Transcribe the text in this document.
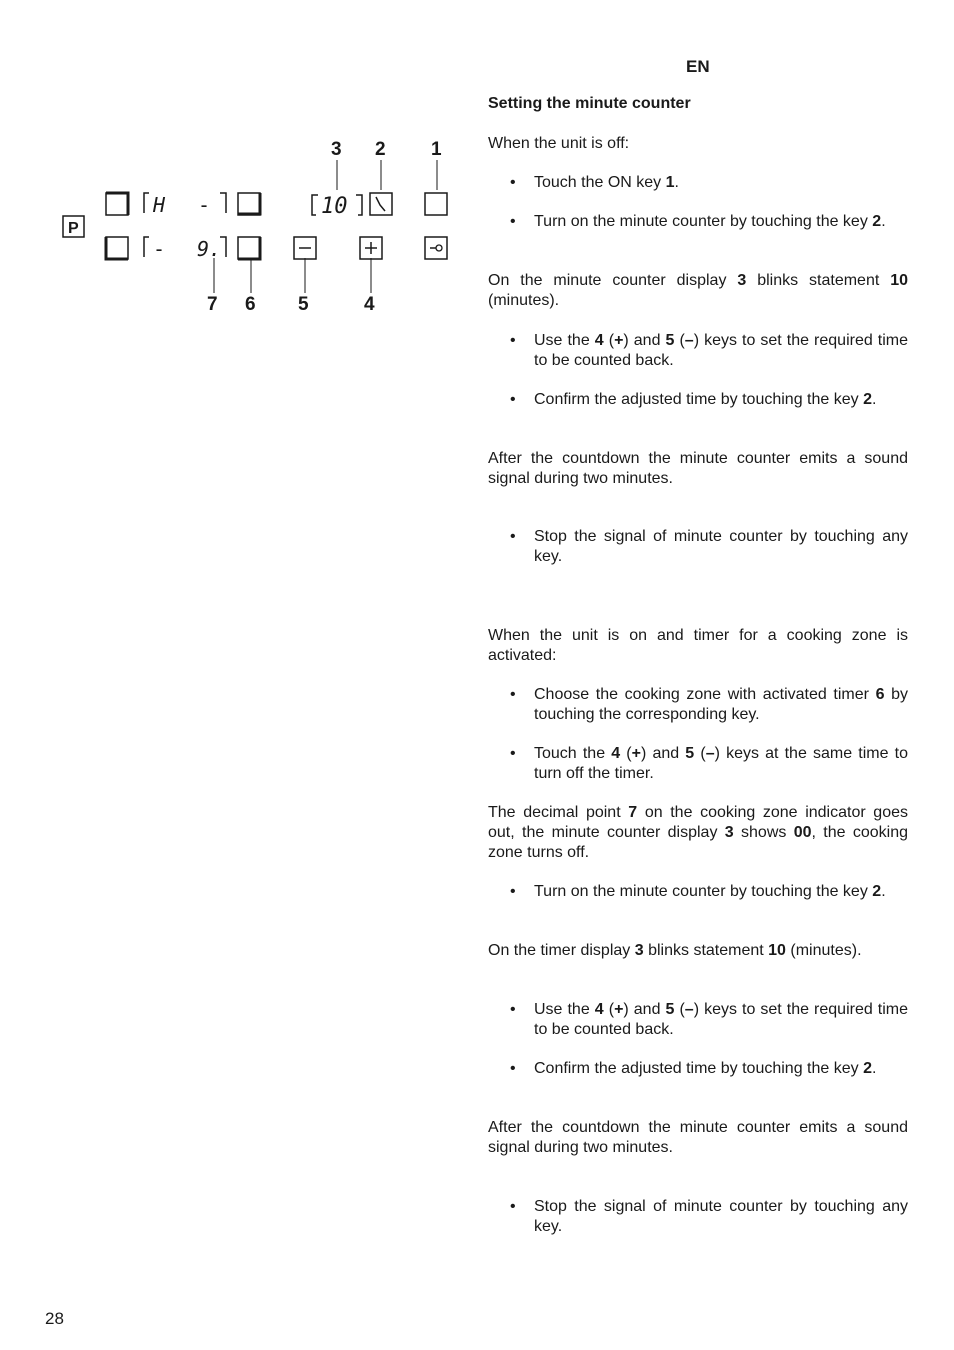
3 2 1
7 6 5	4
P
H -	10
- 9.
EN
Setting the minute counter
When the unit is off:
• Touch the ON key 1.
• Turn on the minute counter by touching the key 2.
On the minute counter display 3 blinks statement 10 (minutes).
• Use the 4 (+) and 5 (–) keys to set the required time to be counted back.
• Confirm the adjusted time by touching the key 2.
After the countdown the minute counter emits a sound signal during two minutes.
• Stop the signal of minute counter by touching any key.
When the unit is on and timer for a cooking zone is activated:
• Choose the cooking zone with activated timer 6 by touching the corresponding key.
• Touch the 4 (+) and 5 (–) keys at the same time to turn off the timer.
The decimal point 7 on the cooking zone indicator goes out, the minute counter display 3 shows 00, the cooking zone turns off.
• Turn on the minute counter by touching the key 2.
On the timer display 3 blinks statement 10 (minutes).
• Use the 4 (+) and 5 (–) keys to set the required time to be counted back.
• Confirm the adjusted time by touching the key 2.
After the countdown the minute counter emits a sound signal during two minutes.
• Stop the signal of minute counter by touching any key.
28
